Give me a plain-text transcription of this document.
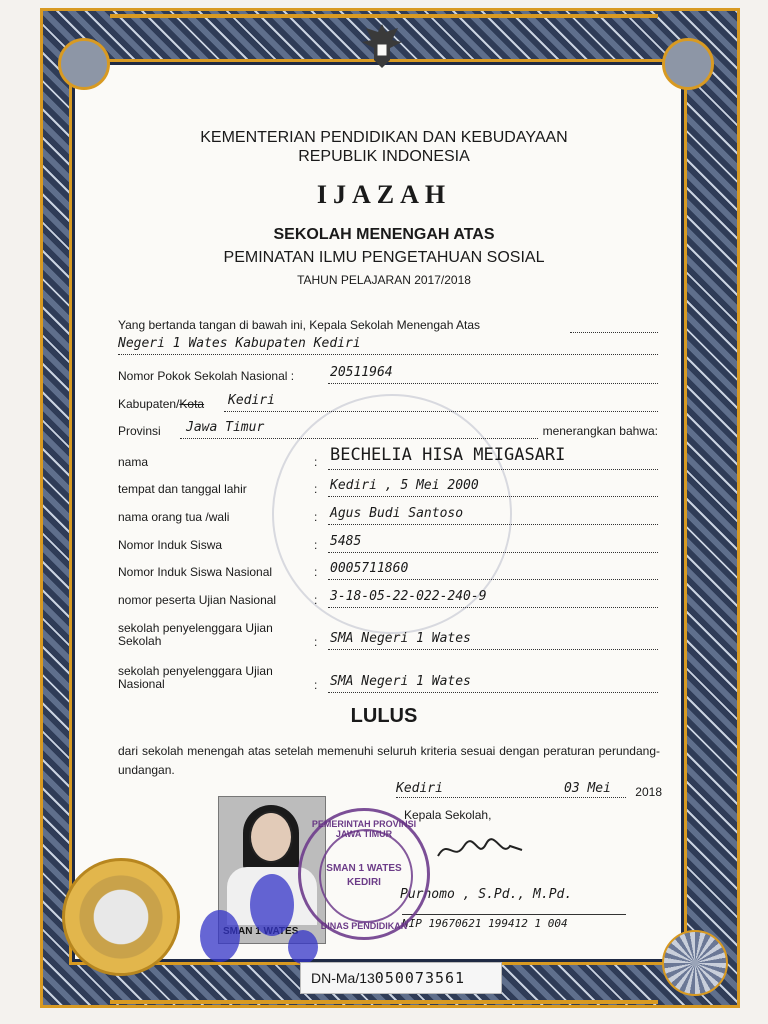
KEMENTERIAN PENDIDIKAN DAN KEBUDAYAAN
REPUBLIK INDONESIA
IJAZAH
SEKOLAH MENENGAH ATAS
PEMINATAN ILMU PENGETAHUAN SOSIAL
TAHUN PELAJARAN 2017/2018
Yang bertanda tangan di bawah ini, Kepala Sekolah Menengah Atas
Negeri 1 Wates Kabupaten Kediri
Nomor Pokok Sekolah Nasional :	20511964
Kabupaten/Kota Kediri
Provinsi Jawa Timur	menerangkan bahwa:
nama	: BECHELIA HISA MEIGASARI
tempat dan tanggal lahir	: Kediri , 5 Mei 2000
nama orang tua /wali	: Agus Budi Santoso
Nomor Induk Siswa	: 5485
Nomor Induk Siswa Nasional	: 0005711860
nomor peserta Ujian Nasional	: 3-18-05-22-022-240-9
sekolah penyelenggara Ujian
Sekolah	: SMA Negeri 1 Wates
sekolah penyelenggara Ujian
Nasional	: SMA Negeri 1 Wates
LULUS
dari sekolah menengah atas setelah memenuhi seluruh kriteria sesuai dengan peraturan perundang-undangan.
Kediri	03 Mei 2018
Kepala Sekolah,
Purnomo , S.Pd., M.Pd.
NIP 19670621 199412 1 004
1
PEMERINTAH PROVINSI JAWA TIMUR
SMAN 1 WATES
KEDIRI
DINAS PENDIDIKAN
DN-Ma/13050073561
